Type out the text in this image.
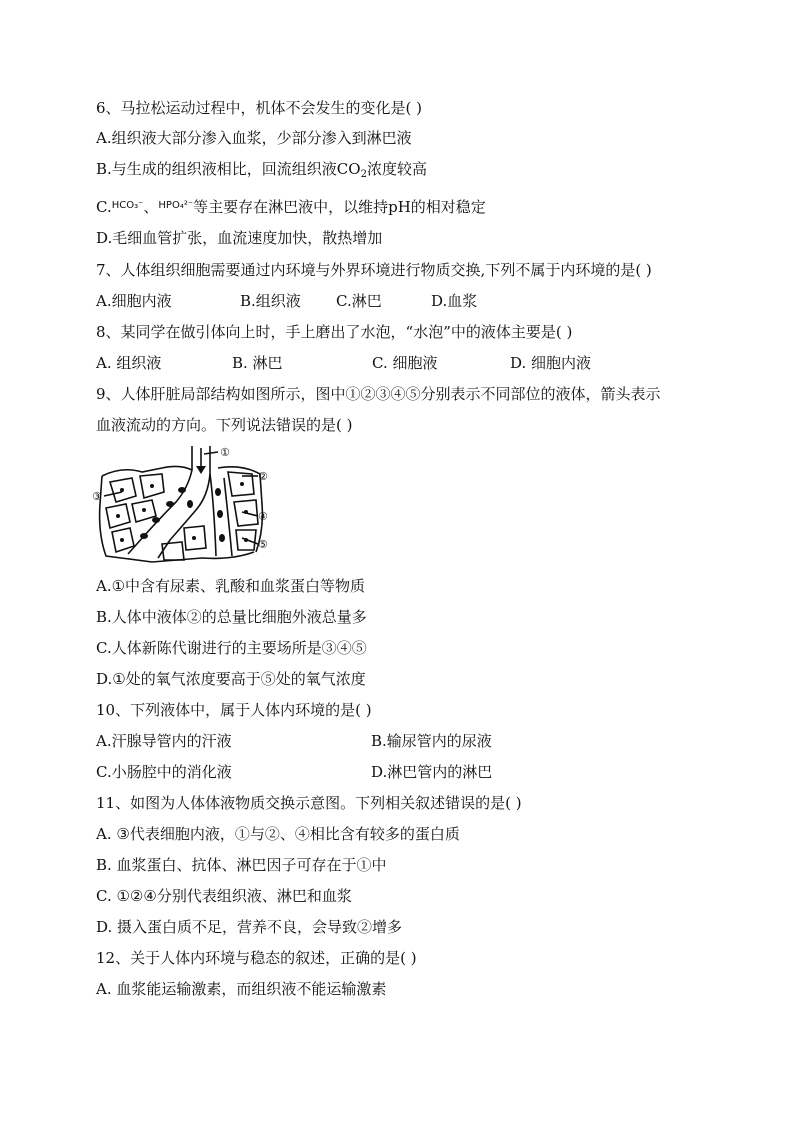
6、马拉松运动过程中，机体不会发生的变化是( )
A.组织液大部分渗入血浆，少部分渗入到淋巴液
B.与生成的组织液相比，回流组织液$CO_2$浓度较高
C.$^{HCO_3^-}$、$^{HPO_4^{2-}}$等主要存在淋巴液中，以维持pH的相对稳定
D.毛细血管扩张，血流速度加快，散热增加
7、人体组织细胞需要通过内环境与外界环境进行物质交换,下列不属于内环境的是( )
A.细胞内液	B.组织液 C.淋巴	D.血浆
8、某同学在做引体向上时，手上磨出了水泡，“水泡”中的液体主要是( )
A. 组织液	B. 淋巴	C. 细胞液	D. 细胞内液
9、人体肝脏局部结构如图所示，图中①②③④⑤分别表示不同部位的液体，箭头表示
血液流动的方向。下列说法错误的是( )
①
②
③
④
⑤
A.①中含有尿素、乳酸和血浆蛋白等物质
B.人体中液体②的总量比细胞外液总量多
C.人体新陈代谢进行的主要场所是③④⑤
D.①处的氧气浓度要高于⑤处的氧气浓度
10、下列液体中，属于人体内环境的是( )
A.汗腺导管内的汗液	B.输尿管内的尿液
C.小肠腔中的消化液	D.淋巴管内的淋巴
11、如图为人体体液物质交换示意图。下列相关叙述错误的是( )
A. ③代表细胞内液，①与②、④相比含有较多的蛋白质
B. 血浆蛋白、抗体、淋巴因子可存在于①中
C. ①②④分别代表组织液、淋巴和血浆
D. 摄入蛋白质不足，营养不良，会导致②增多
12、关于人体内环境与稳态的叙述，正确的是( )
A. 血浆能运输激素，而组织液不能运输激素
